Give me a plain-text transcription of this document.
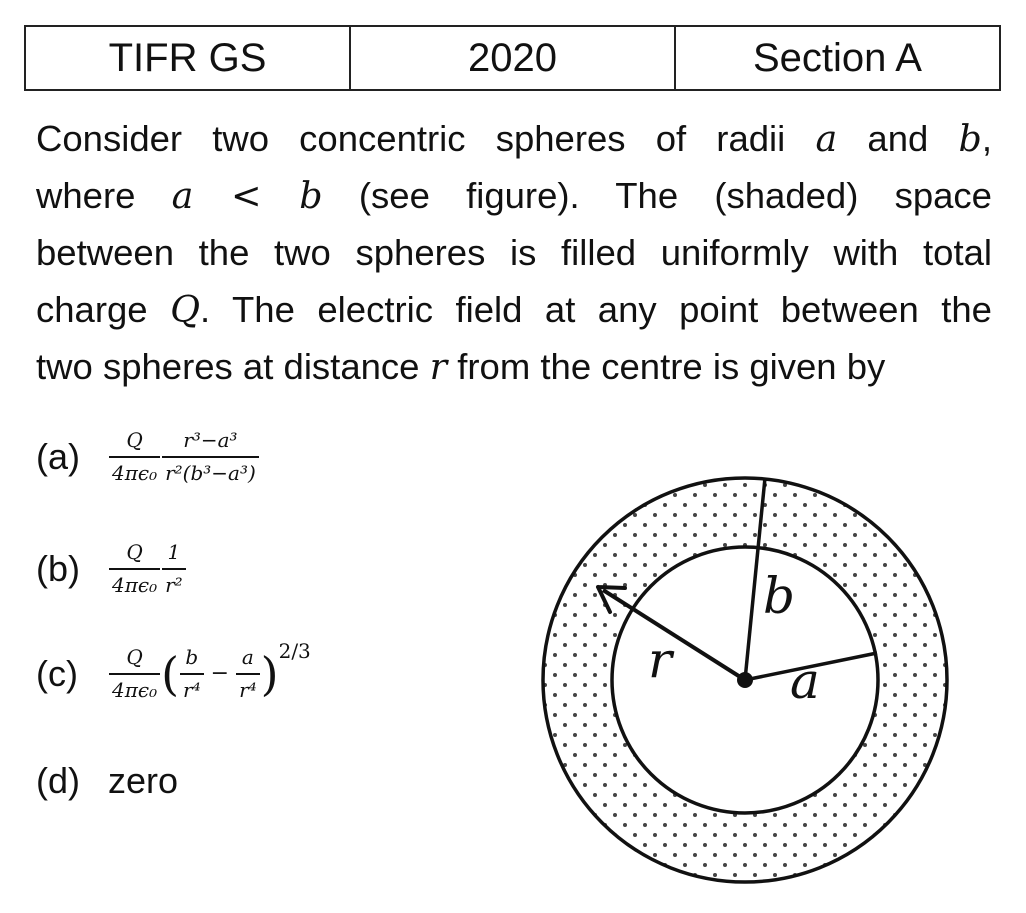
TIFR GS	2020	Section A
Consider two concentric spheres of radii a and b,
where a < b (see figure). The (shaded) space
between the two spheres is filled uniformly with total
charge Q. The electric field at any point between the
two spheres at distance r from the centre is given by
(a)	$\frac{Q}{\text{4πϵ₀}} \frac{\text{r³−a³}}{\text{r²(b³−a³)}}$
(b)	$\frac{Q}{\text{4πϵ₀}} \frac{1}{\text{r²}}$
(c)	$\frac{Q}{\text{4πϵ₀}}$ ( $\frac{b}{\text{r⁴}} - \frac{a}{\text{r⁴}}$ ) 2/3
(d) zero
b
r a
